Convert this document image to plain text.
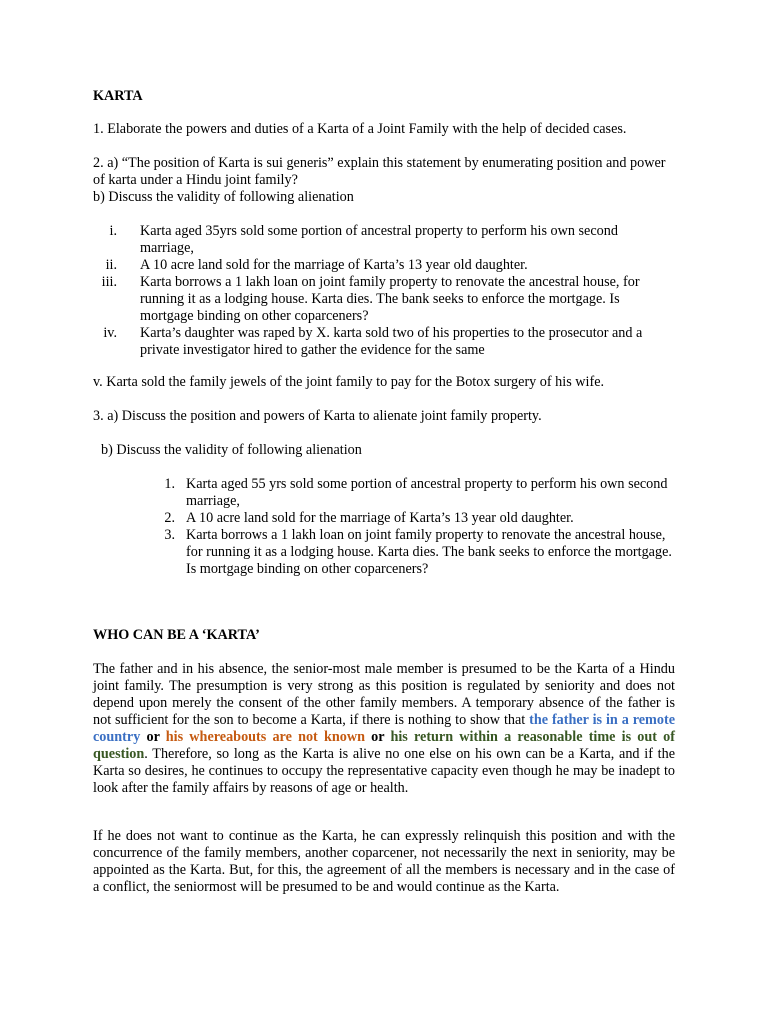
KARTA
1. Elaborate the powers and duties of a Karta of a Joint Family with the help of decided cases.
2. a) “The position of Karta is sui generis” explain this statement by enumerating position and power of karta under a Hindu joint family?
b) Discuss the validity of following alienation
i. Karta aged 35yrs sold some portion of ancestral property to perform his own second marriage,
ii. A 10 acre land sold for the marriage of Karta’s 13 year old daughter.
iii. Karta borrows a 1 lakh loan on joint family property to renovate the ancestral house, for running it as a lodging house. Karta dies. The bank seeks to enforce the mortgage. Is mortgage binding on other coparceners?
iv. Karta’s daughter was raped by X. karta sold two of his properties to the prosecutor and a private investigator hired to gather the evidence for the same
v. Karta sold the family jewels of the joint family to pay for the Botox surgery of his wife.
3. a) Discuss the position and powers of Karta to alienate joint family property.
b) Discuss the validity of following alienation
1. Karta aged 55 yrs sold some portion of ancestral property to perform his own second marriage,
2. A 10 acre land sold for the marriage of Karta’s 13 year old daughter.
3. Karta borrows a 1 lakh loan on joint family property to renovate the ancestral house, for running it as a lodging house. Karta dies. The bank seeks to enforce the mortgage. Is mortgage binding on other coparceners?
WHO CAN BE A ‘KARTA’

The father and in his absence, the senior-most male member is presumed to be the Karta of a Hindu joint family. The presumption is very strong as this position is regulated by seniority and does not depend upon merely the consent of the other family members. A temporary absence of the father is not sufficient for the son to become a Karta, if there is nothing to show that the father is in a remote country or his whereabouts are not known or his return within a reasonable time is out of question. Therefore, so long as the Karta is alive no one else on his own can be a Karta, and if the Karta so desires, he continues to occupy the representative capacity even though he may be inadept to look after the family affairs by reasons of age or health.

If he does not want to continue as the Karta, he can expressly relinquish this position and with the concurrence of the family members, another coparcener, not necessarily the next in seniority, may be appointed as the Karta. But, for this, the agreement of all the members is necessary and in the case of a conflict, the seniormost will be presumed to be and would continue as the Karta.
